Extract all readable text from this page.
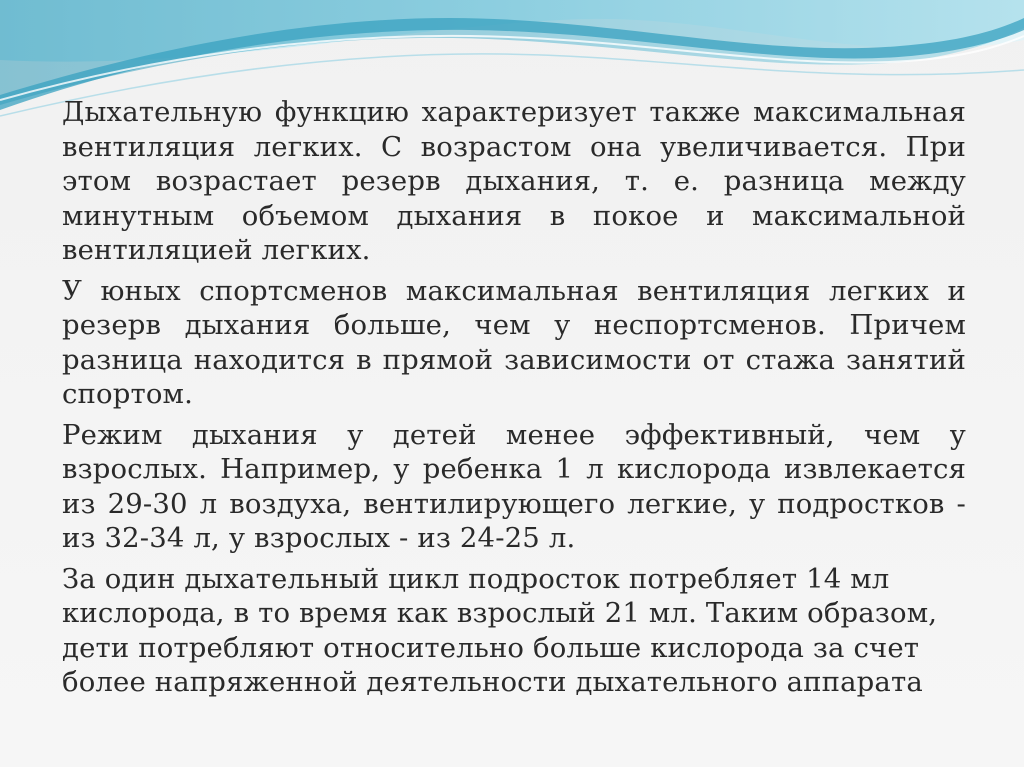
Дыхательную функцию характеризует также максимальная вентиляция легких. С возрастом она увеличивается. При этом возрастает резерв дыхания, т. е. разница между минутным объемом дыхания в покое и максимальной вентиляцией легких.

У юных спортсменов максимальная вентиляция легких и резерв дыхания больше, чем у неспортсменов. Причем разница находится в прямой зависимости от стажа занятий спортом.

Режим дыхания у детей менее эффективный, чем у взрослых. Например, у ребенка 1 л кислорода извлекается из 29-30 л воздуха, вентилирующего легкие, у подростков - из 32-34 л, у взрослых - из 24-25 л.

За один дыхательный цикл подросток потребляет 14 мл кислорода, в то время как взрослый 21 мл. Таким образом, дети потребляют относительно больше кислорода за счет более напряженной деятельности дыхательного аппарата
